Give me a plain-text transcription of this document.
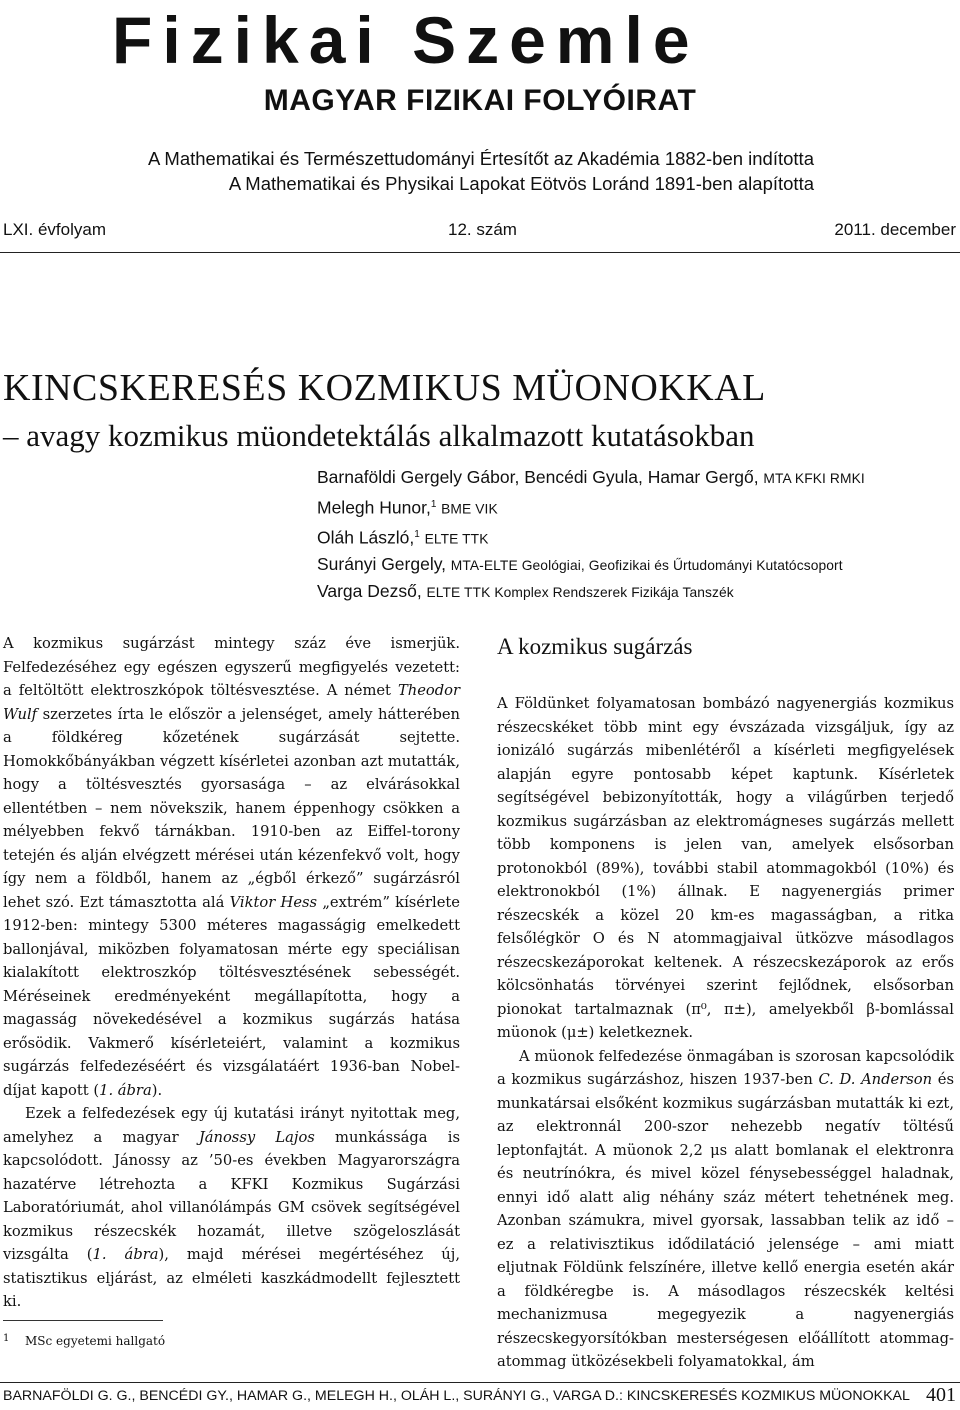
Fizikai Szemle
MAGYAR FIZIKAI FOLYÓIRAT
A Mathematikai és Természettudományi Értesítőt az Akadémia 1882-ben indította
A Mathematikai és Physikai Lapokat Eötvös Loránd 1891-ben alapította
LXI. évfolyam	12. szám	2011. december
KINCSKERESÉS KOZMIKUS MÜONOKKAL
– avagy kozmikus müondetektálás alkalmazott kutatásokban
Barnaföldi Gergely Gábor, Bencédi Gyula, Hamar Gergő, MTA KFKI RMKI
Melegh Hunor,$^1$ BME VIK
Oláh László,$^1$ ELTE TTK
Surányi Gergely, MTA-ELTE Geológiai, Geofizikai és Űrtudományi Kutatócsoport
Varga Dezső, ELTE TTK Komplex Rendszerek Fizikája Tanszék

A kozmikus sugárzást mintegy száz éve ismerjük. Felfedezéséhez egy egészen egyszerű megfigyelés vezetett: a feltöltött elektroszkópok töltésvesztése. A német Theodor Wulf szerzetes írta le először a jelenséget, amely hátterében a földkéreg kőzetének sugárzását sejtette. Homokkőbányákban végzett kísérletei azonban azt mutatták, hogy a töltésvesztés gyorsasága – az elvárásokkal ellentétben – nem növekszik, hanem éppenhogy csökken a mélyebben fekvő tárnákban. 1910-ben az Eiffel-torony tetején és alján elvégzett mérései után kézenfekvő volt, hogy így nem a földből, hanem az „égből érkező” sugárzásról lehet szó. Ezt támasztotta alá Viktor Hess „extrém” kísérlete 1912-ben: mintegy 5300 méteres magasságig emelkedett ballonjával, miközben folyamatosan mérte egy speciálisan kialakított elektroszkóp töltésvesztésének sebességét. Méréseinek eredményeként megállapította, hogy a magasság növekedésével a kozmikus sugárzás hatása erősödik. Vakmerő kísérleteiért, valamint a kozmikus sugárzás felfedezéséért és vizsgálatáért 1936-ban Nobel-díjat kapott (1. ábra).

Ezek a felfedezések egy új kutatási irányt nyitottak meg, amelyhez a magyar Jánossy Lajos munkássága is kapcsolódott. Jánossy az ’50-es években Magyarországra hazatérve létrehozta a KFKI Kozmikus Sugárzási Laboratóriumát, ahol villanólámpás GM csövek segítségével kozmikus részecskék hozamát, illetve szögeloszlását vizsgálta (1. ábra), majd mérései megértéséhez új, statisztikus eljárást, az elméleti kaszkádmodellt fejlesztett ki.

A kozmikus sugárzás

A Földünket folyamatosan bombázó nagyenergiás kozmikus részecskéket több mint egy évszázada vizsgáljuk, így az ionizáló sugárzás mibenlétéről a kísérleti megfigyelések alapján egyre pontosabb képet kaptunk. Kísérletek segítségével bebizonyították, hogy a világűrben terjedő kozmikus sugárzásban az elektromágneses sugárzás mellett több komponens is jelen van, amelyek elsősorban protonokból (89%), további stabil atommagokból (10%) és elektronokból (1%) állnak. E nagyenergiás primer részecskék a közel 20 km-es magasságban, a ritka felsőlégkör O és N atommagjaival ütközve másodlagos részecskezáporokat keltenek. A részecskezáporok az erős kölcsönhatás törvényei szerint fejlődnek, elsősorban pionokat tartalmaznak (π⁰, π±), amelyekből β-bomlással müonok (μ±) keletkeznek.

A müonok felfedezése önmagában is szorosan kapcsolódik a kozmikus sugárzáshoz, hiszen 1937-ben C. D. Anderson és munkatársai elsőként kozmikus sugárzásban mutatták ki ezt, az elektronnál 200-szor nehezebb negatív töltésű leptonfajtát. A müonok 2,2 μs alatt bomlanak el elektronra és neutrínókra, és mivel közel fénysebességgel haladnak, ennyi idő alatt alig néhány száz métert tehetnének meg. Azonban számukra, mivel gyorsak, lassabban telik az idő – ez a relativisztikus idődilatáció jelensége – ami miatt eljutnak Földünk felszínére, illetve kellő energia esetén akár a földkéregbe is. A másodlagos részecskék keltési mechanizmusa megegyezik a nagyenergiás részecskegyorsítókban mesterségesen előállított atommag-atommag ütközésekbeli folyamatokkal, ám

1 MSc egyetemi hallgató
BARNAFÖLDI G. G., BENCÉDI GY., HAMAR G., MELEGH H., OLÁH L., SURÁNYI G., VARGA D.: KINCSKERESÉS KOZMIKUS MÜONOKKAL 401
